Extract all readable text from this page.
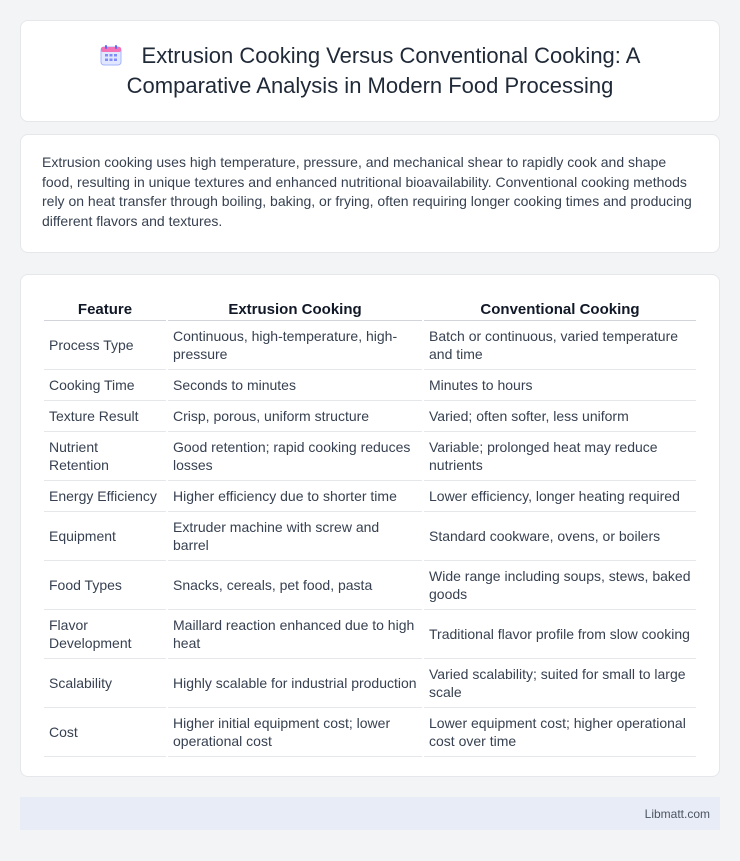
Extrusion Cooking Versus Conventional Cooking: A Comparative Analysis in Modern Food Processing

Extrusion cooking uses high temperature, pressure, and mechanical shear to rapidly cook and shape food, resulting in unique textures and enhanced nutritional bioavailability. Conventional cooking methods rely on heat transfer through boiling, baking, or frying, often requiring longer cooking times and producing different flavors and textures.

Feature	Extrusion Cooking	Conventional Cooking
Process Type	Continuous, high-temperature, high-pressure	Batch or continuous, varied temperature and time
Cooking Time	Seconds to minutes	Minutes to hours
Texture Result	Crisp, porous, uniform structure	Varied; often softer, less uniform
Nutrient Retention	Good retention; rapid cooking reduces losses	Variable; prolonged heat may reduce nutrients
Energy Efficiency	Higher efficiency due to shorter time	Lower efficiency, longer heating required
Equipment	Extruder machine with screw and barrel	Standard cookware, ovens, or boilers
Food Types	Snacks, cereals, pet food, pasta	Wide range including soups, stews, baked goods
Flavor Development	Maillard reaction enhanced due to high heat	Traditional flavor profile from slow cooking
Scalability	Highly scalable for industrial production	Varied scalability; suited for small to large scale
Cost	Higher initial equipment cost; lower operational cost	Lower equipment cost; higher operational cost over time
Libmatt.com
